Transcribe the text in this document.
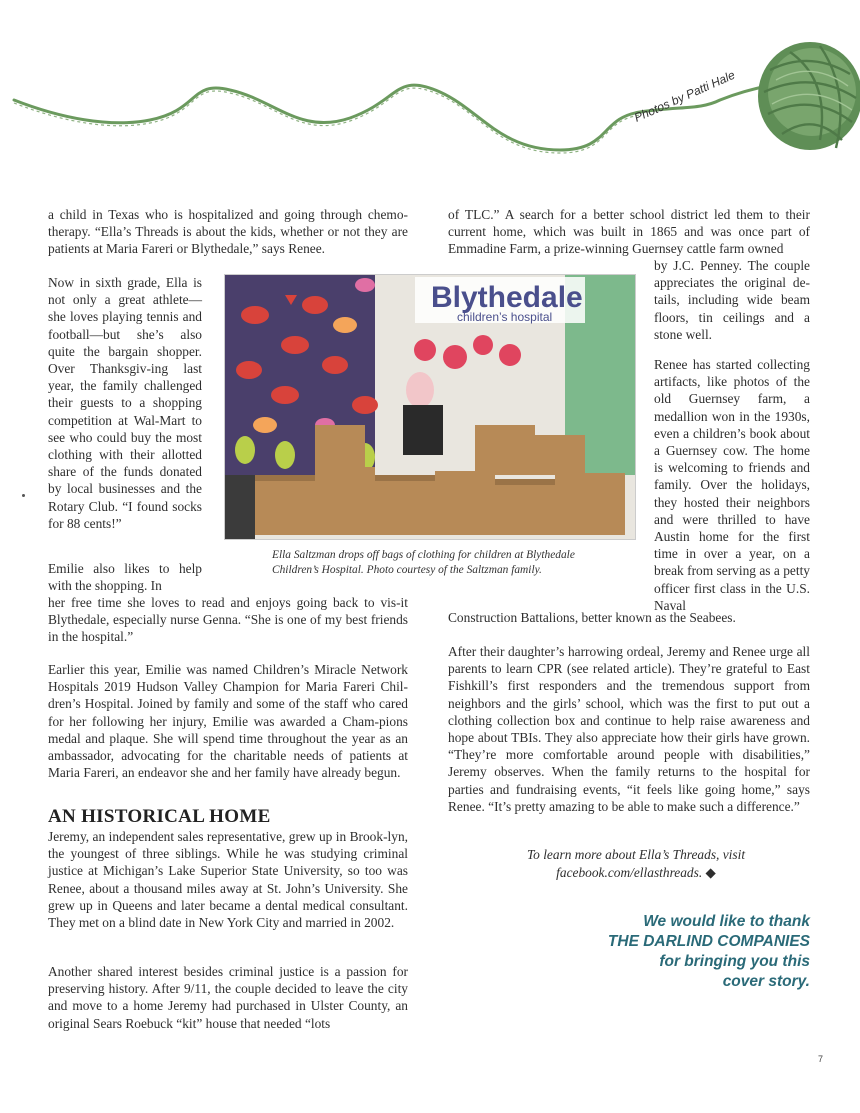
Photos by Patti Hale

a child in Texas who is hospitalized and going through chemo-therapy. “Ella’s Threads is about the kids, whether or not they are patients at Maria Fareri or Blythedale,” says Renee.

Now in sixth grade, Ella is not only a great athlete— she loves playing tennis and football—but she’s also quite the bargain shopper. Over Thanksgiv-ing last year, the family challenged their guests to a shopping competition at Wal-Mart to see who could buy the most clothing with their allotted share of the funds donated by local businesses and the Rotary Club. “I found socks for 88 cents!”

Emilie also likes to help with the shopping. In

her free time she loves to read and enjoys going back to vis-it Blythedale, especially nurse Genna. “She is one of my best friends in the hospital.”

Earlier this year, Emilie was named Children’s Miracle Network Hospitals 2019 Hudson Valley Champion for Maria Fareri Chil-dren’s Hospital. Joined by family and some of the staff who cared for her following her injury, Emilie was awarded a Cham-pions medal and plaque. She will spend time throughout the year as an ambassador, advocating for the charitable needs of patients at Maria Fareri, an endeavor she and her family have already begun.

AN HISTORICAL HOME

Jeremy, an independent sales representative, grew up in Brook-lyn, the youngest of three siblings. While he was studying criminal justice at Michigan’s Lake Superior State University, so too was Renee, about a thousand miles away at St. John’s University. She grew up in Queens and later became a dental medical consultant. They met on a blind date in New York City and married in 2002.

Another shared interest besides criminal justice is a passion for preserving history. After 9/11, the couple decided to leave the city and move to a home Jeremy had purchased in Ulster County, an original Sears Roebuck “kit” house that needed “lots

Blythedale
children’s hospital

Ella Saltzman drops off bags of clothing for children at Blythedale Children’s Hospital. Photo courtesy of the Saltzman family.

of TLC.” A search for a better school district led them to their current home, which was built in 1865 and was once part of Emmadine Farm, a prize-winning Guernsey cattle farm owned

by J.C. Penney. The couple appreciates the original de-tails, including wide beam floors, tin ceilings and a stone well.

Renee has started collecting artifacts, like photos of the old Guernsey farm, a medallion won in the 1930s, even a children’s book about a Guernsey cow. The home is welcoming to friends and family. Over the holidays, they hosted their neighbors and were thrilled to have Austin home for the first time in over a year, on a break from serving as a petty officer first class in the U.S. Naval

Construction Battalions, better known as the Seabees.

After their daughter’s harrowing ordeal, Jeremy and Renee urge all parents to learn CPR (see related article). They’re grateful to East Fishkill’s first responders and the tremendous support from neighbors and the girls’ school, which was the first to put out a clothing collection box and continue to help raise awareness and hope about TBIs. They also appreciate how their girls have grown. “They’re more comfortable around people with disabilities,” Jeremy observes. When the family returns to the hospital for parties and fundraising events, “it feels like going home,” says Renee. “It’s pretty amazing to be able to make such a difference.”

To learn more about Ella’s Threads, visit
facebook.com/ellasthreads. ◆
We would like to thank
THE DARLIND COMPANIES
for bringing you this
cover story.
7
